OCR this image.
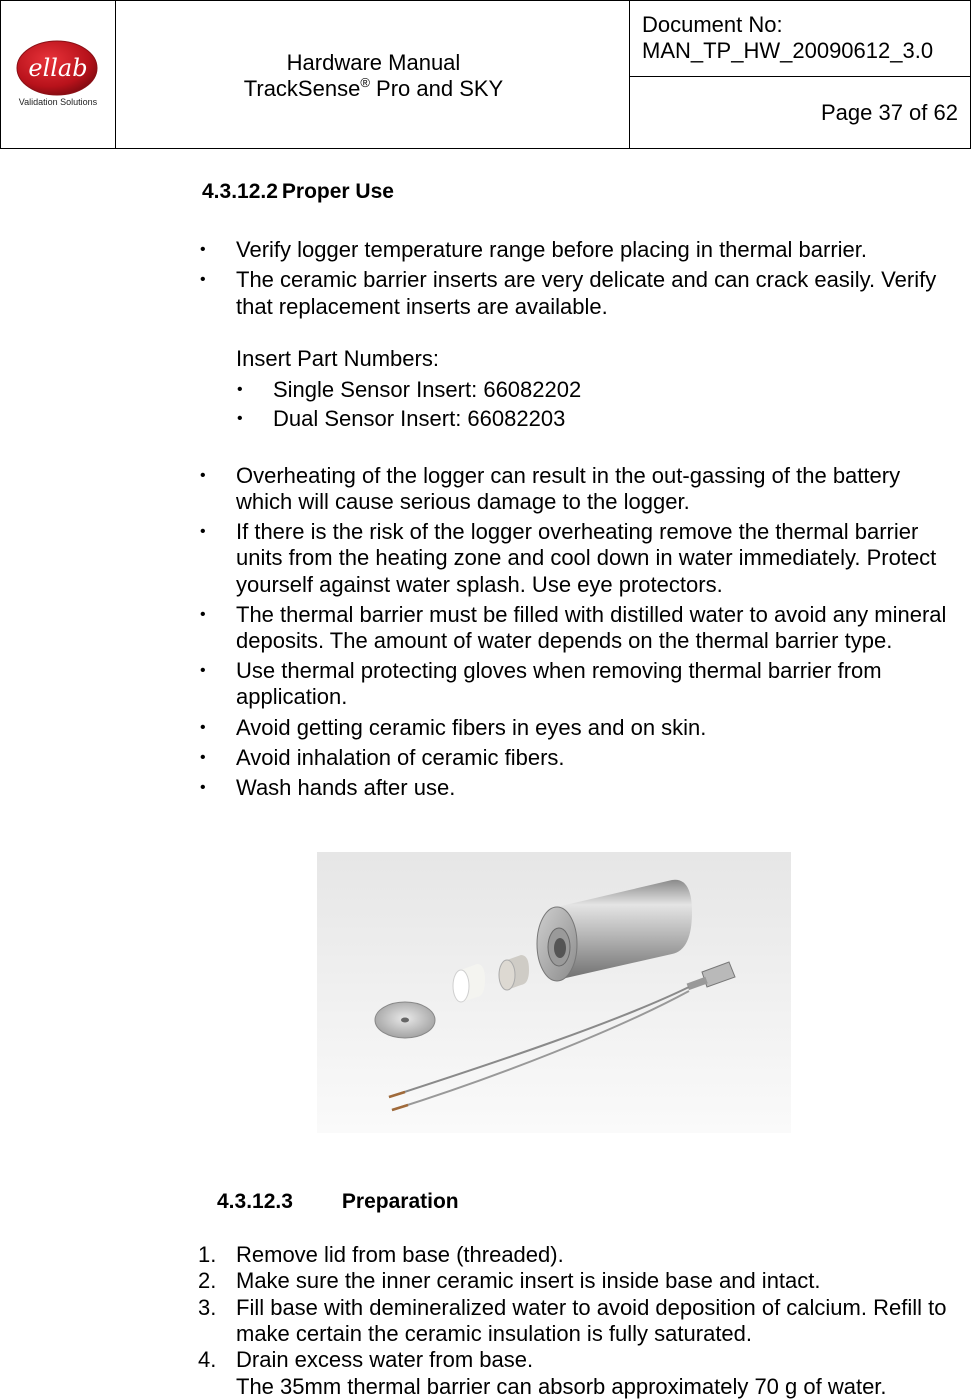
ellab
Validation Solutions
Hardware Manual
TrackSense® Pro and SKY
Document No:
MAN_TP_HW_20090612_3.0
Page 37 of 62
4.3.12.2 Proper Use
• Verify logger temperature range before placing in thermal barrier.
• The ceramic barrier inserts are very delicate and can crack easily. Verify
that replacement inserts are available.
Insert Part Numbers:
• Single Sensor Insert: 66082202
• Dual Sensor Insert: 66082203
• Overheating of the logger can result in the out-gassing of the battery
which will cause serious damage to the logger.
• If there is the risk of the logger overheating remove the thermal barrier
units from the heating zone and cool down in water immediately. Protect
yourself against water splash. Use eye protectors.
• The thermal barrier must be filled with distilled water to avoid any mineral
deposits. The amount of water depends on the thermal barrier type.
• Use thermal protecting gloves when removing thermal barrier from
application.
• Avoid getting ceramic fibers in eyes and on skin.
• Avoid inhalation of ceramic fibers.
• Wash hands after use.
4.3.12.3 Preparation
1. Remove lid from base (threaded).
2. Make sure the inner ceramic insert is inside base and intact.
3. Fill base with demineralized water to avoid deposition of calcium. Refill to
make certain the ceramic insulation is fully saturated.
4. Drain excess water from base.
The 35mm thermal barrier can absorb approximately 70 g of water.
